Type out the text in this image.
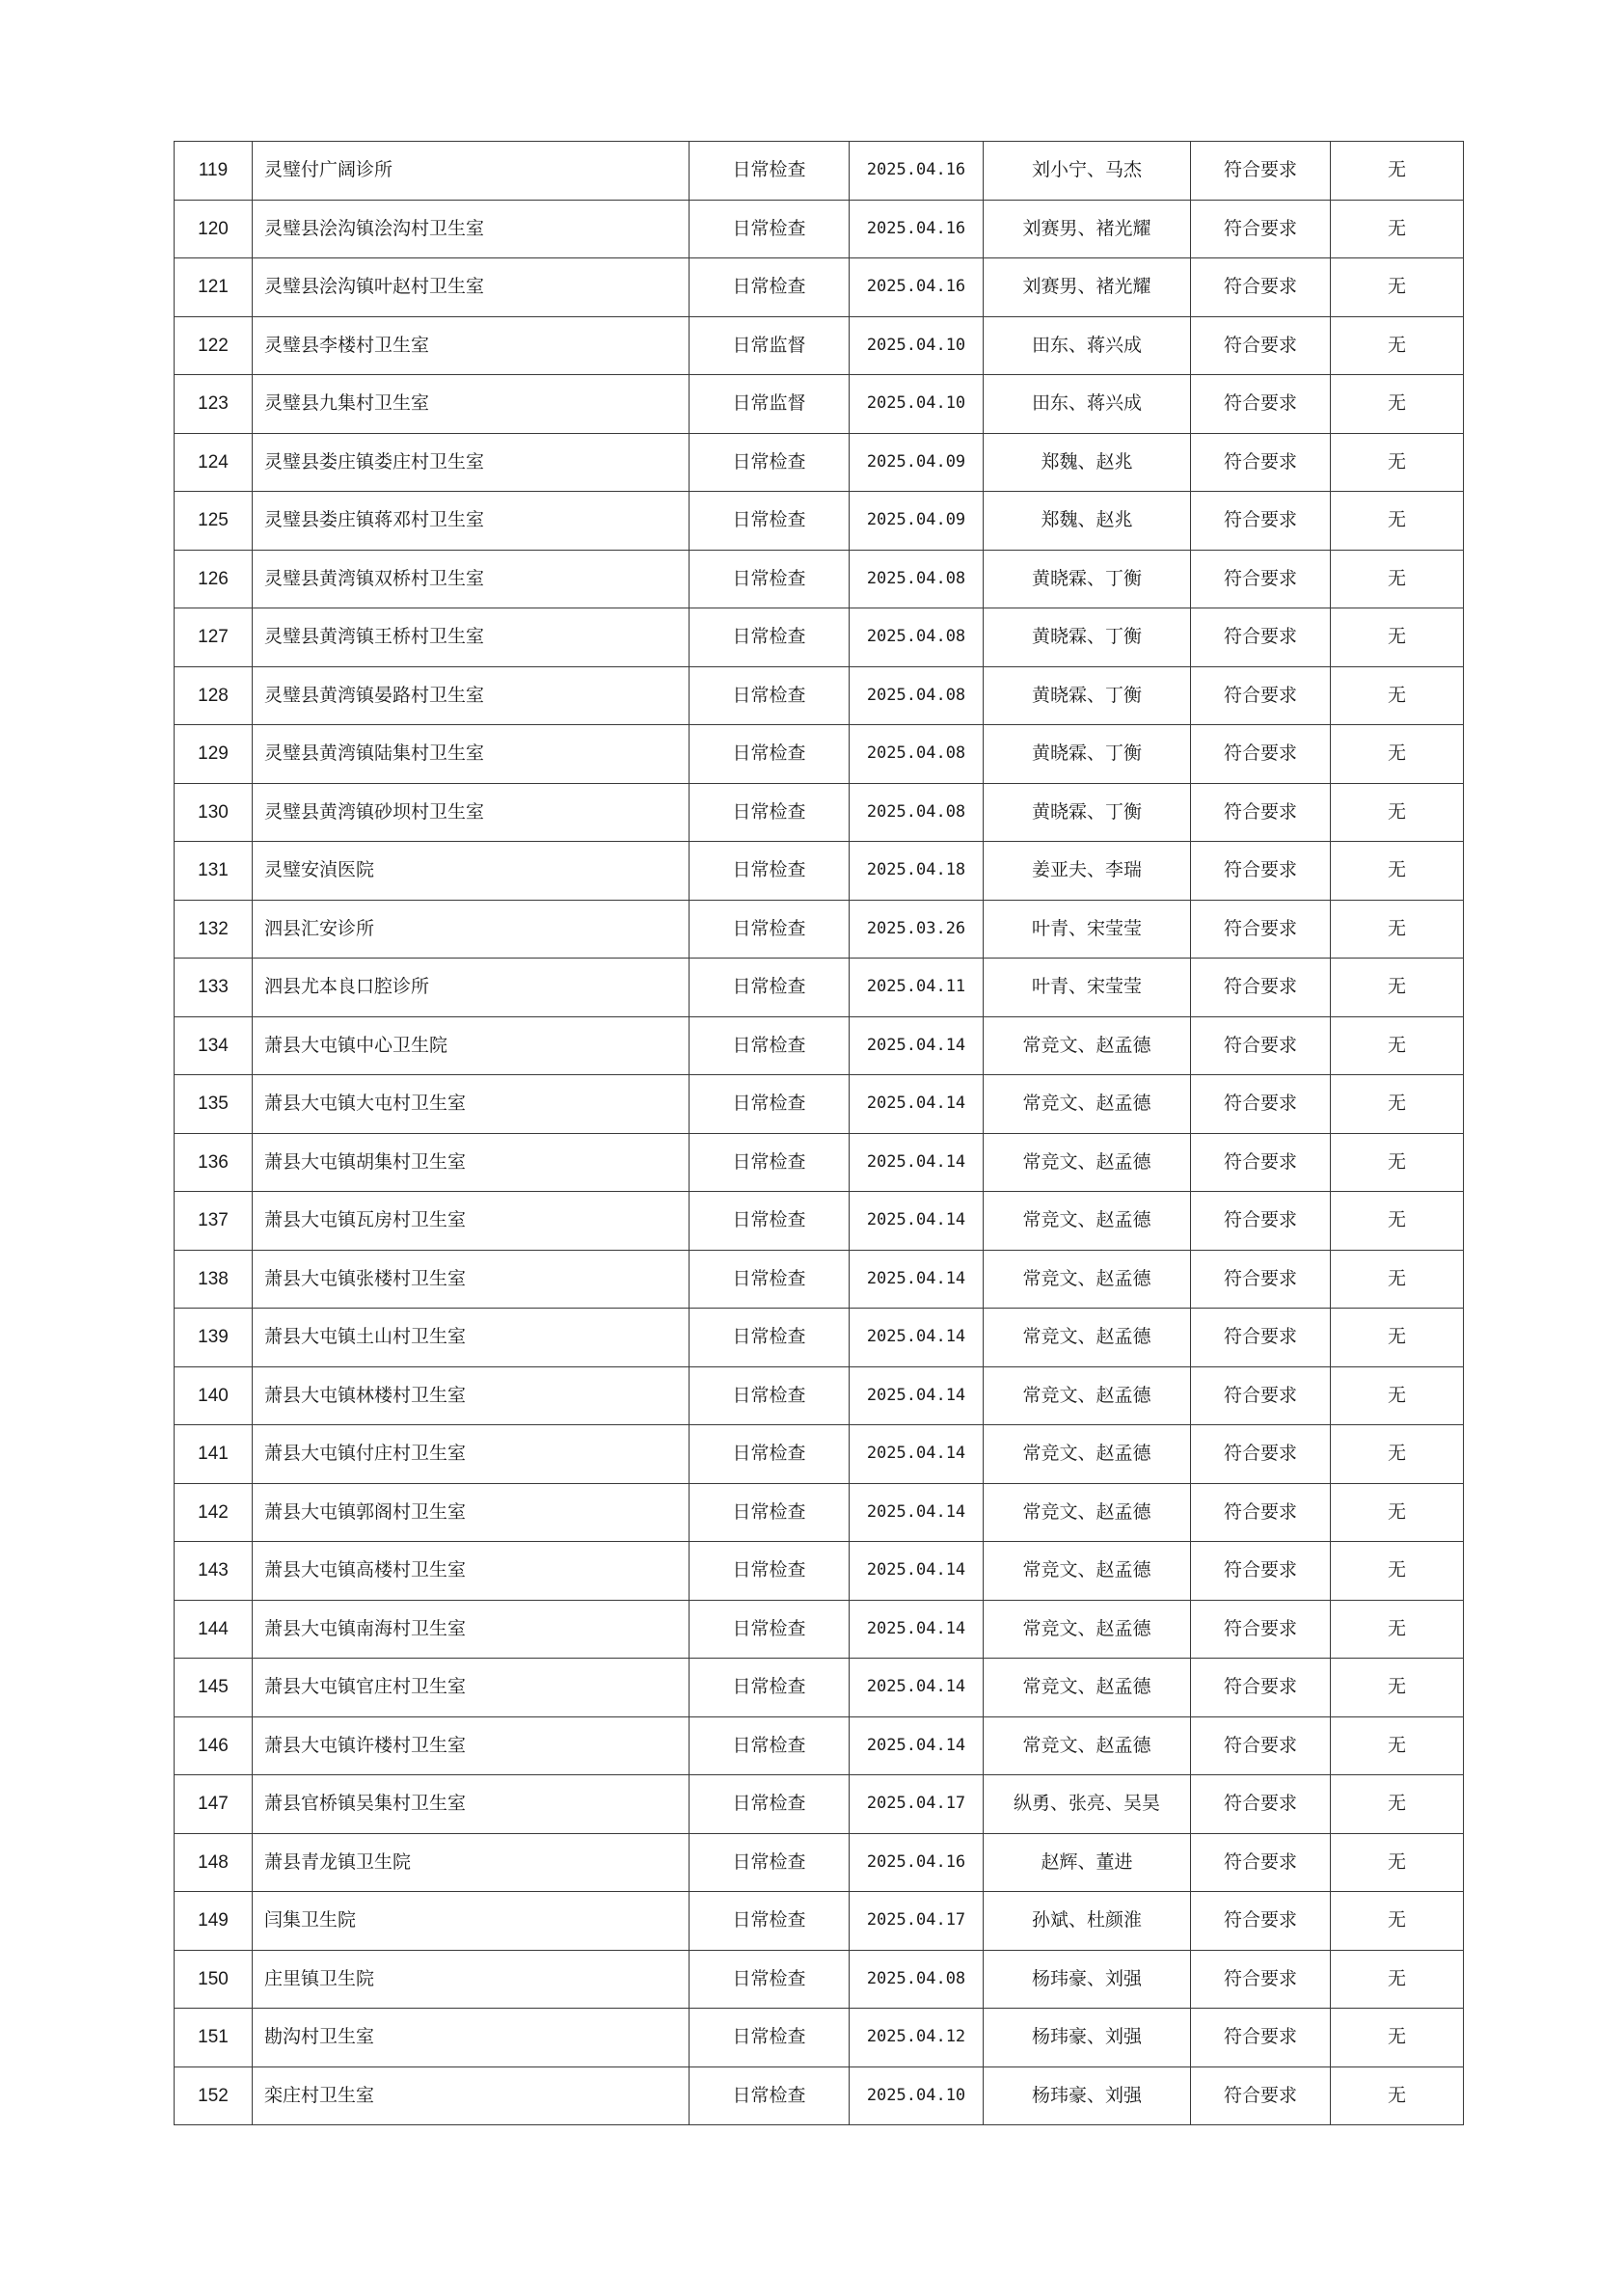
119	灵璧付广阔诊所	日常检查	2025.04.16	刘小宁、马杰	符合要求	无
120	灵璧县浍沟镇浍沟村卫生室	日常检查	2025.04.16	刘赛男、褚光耀	符合要求	无
121	灵璧县浍沟镇叶赵村卫生室	日常检查	2025.04.16	刘赛男、褚光耀	符合要求	无
122	灵璧县李楼村卫生室	日常监督	2025.04.10	田东、蒋兴成	符合要求	无
123	灵璧县九集村卫生室	日常监督	2025.04.10	田东、蒋兴成	符合要求	无
124	灵璧县娄庄镇娄庄村卫生室	日常检查	2025.04.09	郑魏、赵兆	符合要求	无
125	灵璧县娄庄镇蒋邓村卫生室	日常检查	2025.04.09	郑魏、赵兆	符合要求	无
126	灵璧县黄湾镇双桥村卫生室	日常检查	2025.04.08	黄晓霖、丁衡	符合要求	无
127	灵璧县黄湾镇王桥村卫生室	日常检查	2025.04.08	黄晓霖、丁衡	符合要求	无
128	灵璧县黄湾镇晏路村卫生室	日常检查	2025.04.08	黄晓霖、丁衡	符合要求	无
129	灵璧县黄湾镇陆集村卫生室	日常检查	2025.04.08	黄晓霖、丁衡	符合要求	无
130	灵璧县黄湾镇砂坝村卫生室	日常检查	2025.04.08	黄晓霖、丁衡	符合要求	无
131	灵璧安湞医院	日常检查	2025.04.18	姜亚夫、李瑞	符合要求	无
132	泗县汇安诊所	日常检查	2025.03.26	叶青、宋莹莹	符合要求	无
133	泗县尤本良口腔诊所	日常检查	2025.04.11	叶青、宋莹莹	符合要求	无
134	萧县大屯镇中心卫生院	日常检查	2025.04.14	常竞文、赵孟德	符合要求	无
135	萧县大屯镇大屯村卫生室	日常检查	2025.04.14	常竞文、赵孟德	符合要求	无
136	萧县大屯镇胡集村卫生室	日常检查	2025.04.14	常竞文、赵孟德	符合要求	无
137	萧县大屯镇瓦房村卫生室	日常检查	2025.04.14	常竞文、赵孟德	符合要求	无
138	萧县大屯镇张楼村卫生室	日常检查	2025.04.14	常竞文、赵孟德	符合要求	无
139	萧县大屯镇土山村卫生室	日常检查	2025.04.14	常竞文、赵孟德	符合要求	无
140	萧县大屯镇林楼村卫生室	日常检查	2025.04.14	常竞文、赵孟德	符合要求	无
141	萧县大屯镇付庄村卫生室	日常检查	2025.04.14	常竞文、赵孟德	符合要求	无
142	萧县大屯镇郭阁村卫生室	日常检查	2025.04.14	常竞文、赵孟德	符合要求	无
143	萧县大屯镇高楼村卫生室	日常检查	2025.04.14	常竞文、赵孟德	符合要求	无
144	萧县大屯镇南海村卫生室	日常检查	2025.04.14	常竞文、赵孟德	符合要求	无
145	萧县大屯镇官庄村卫生室	日常检查	2025.04.14	常竞文、赵孟德	符合要求	无
146	萧县大屯镇许楼村卫生室	日常检查	2025.04.14	常竞文、赵孟德	符合要求	无
147	萧县官桥镇吴集村卫生室	日常检查	2025.04.17	纵勇、张亮、吴昊	符合要求	无
148	萧县青龙镇卫生院	日常检查	2025.04.16	赵辉、董进	符合要求	无
149	闫集卫生院	日常检查	2025.04.17	孙斌、杜颜淮	符合要求	无
150	庄里镇卫生院	日常检查	2025.04.08	杨玮豪、刘强	符合要求	无
151	勘沟村卫生室	日常检查	2025.04.12	杨玮豪、刘强	符合要求	无
152	栾庄村卫生室	日常检查	2025.04.10	杨玮豪、刘强	符合要求	无
